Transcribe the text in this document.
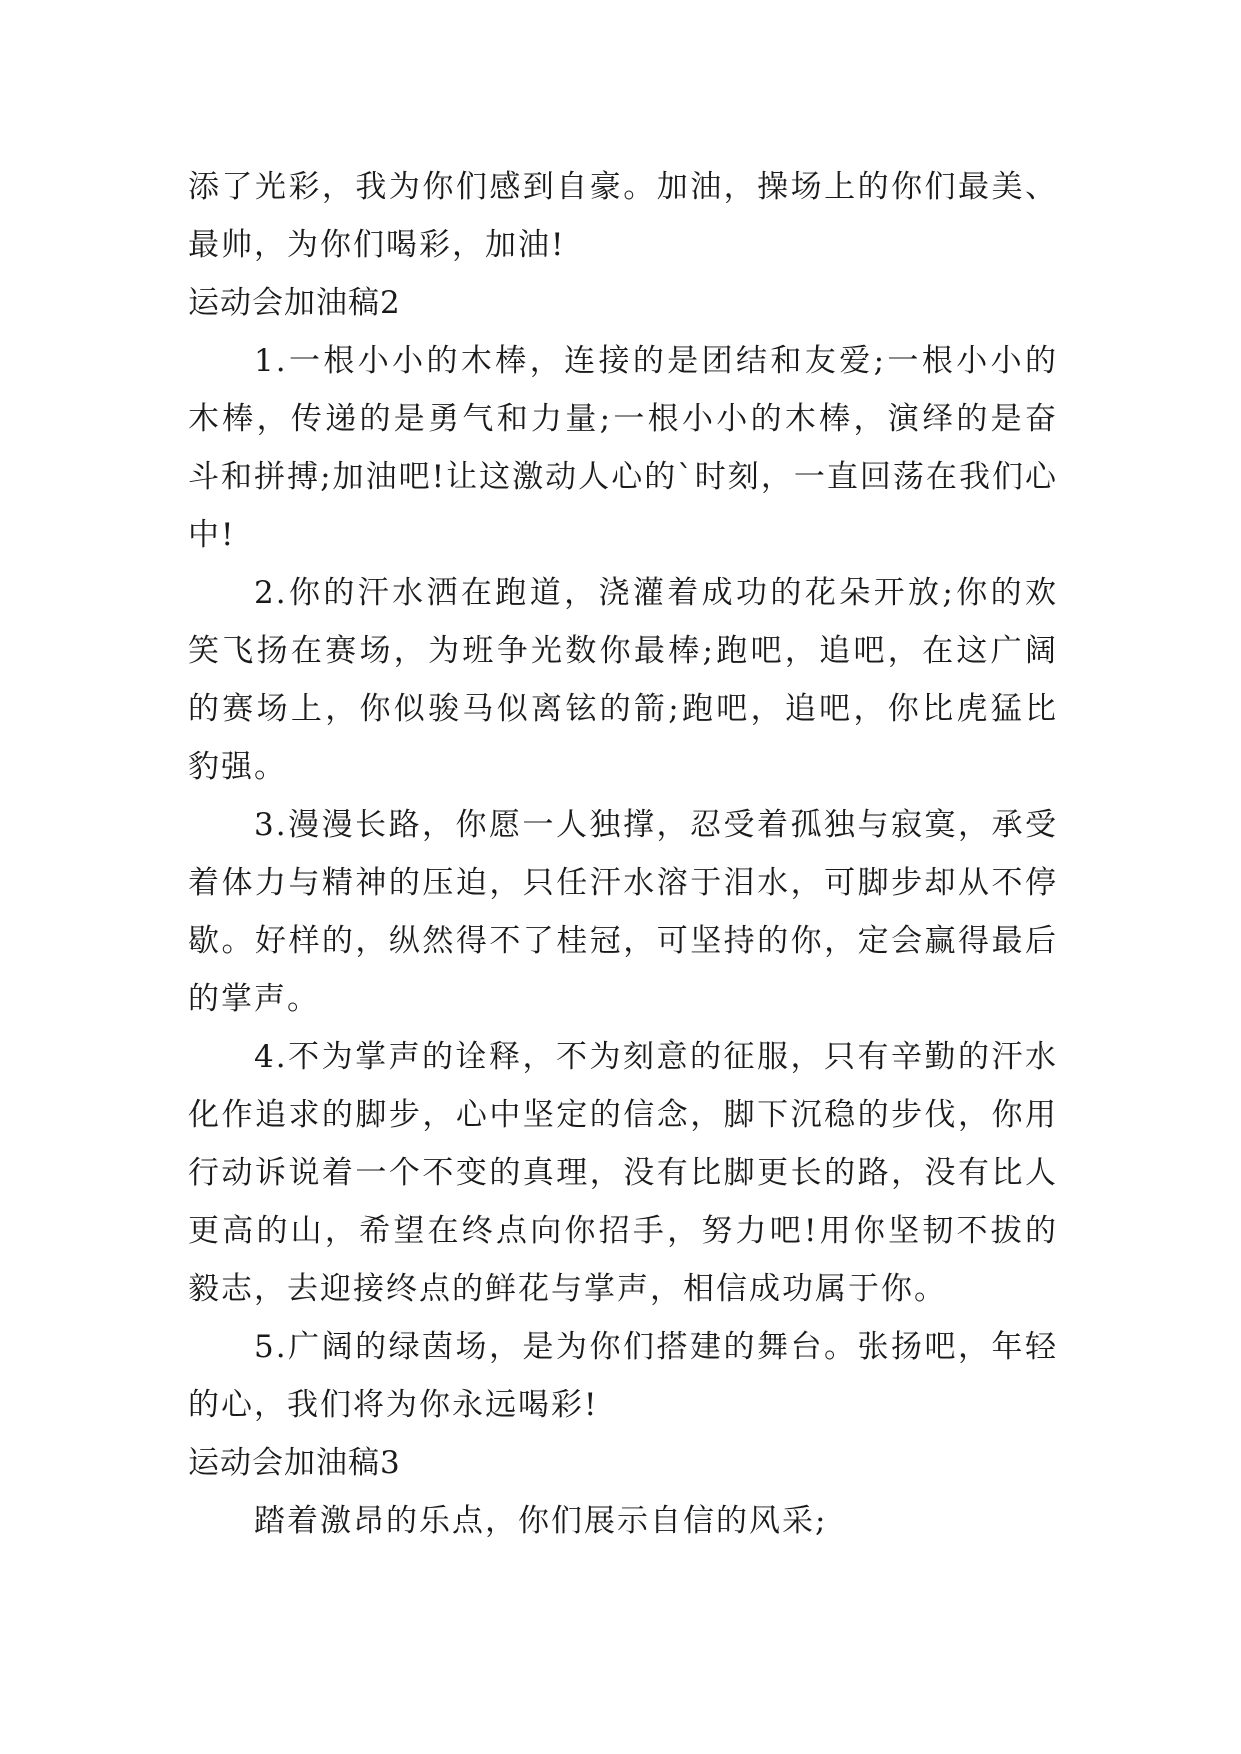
添了光彩，我为你们感到自豪。加油，操场上的你们最美、最帅，为你们喝彩，加油!

运动会加油稿2

1.一根小小的木棒，连接的是团结和友爱;一根小小的木棒，传递的是勇气和力量;一根小小的木棒，演绎的是奋斗和拼搏;加油吧!让这激动人心的`时刻，一直回荡在我们心中!

2.你的汗水洒在跑道，浇灌着成功的花朵开放;你的欢笑飞扬在赛场，为班争光数你最棒;跑吧，追吧，在这广阔的赛场上，你似骏马似离铉的箭;跑吧，追吧，你比虎猛比豹强。

3.漫漫长路，你愿一人独撑，忍受着孤独与寂寞，承受着体力与精神的压迫，只任汗水溶于泪水，可脚步却从不停歇。好样的，纵然得不了桂冠，可坚持的你，定会赢得最后的掌声。

4.不为掌声的诠释，不为刻意的征服，只有辛勤的汗水化作追求的脚步，心中坚定的信念，脚下沉稳的步伐，你用行动诉说着一个不变的真理，没有比脚更长的路，没有比人更高的山，希望在终点向你招手，努力吧!用你坚韧不拔的毅志，去迎接终点的鲜花与掌声，相信成功属于你。

5.广阔的绿茵场，是为你们搭建的舞台。张扬吧，年轻的心，我们将为你永远喝彩!

运动会加油稿3

踏着激昂的乐点，你们展示自信的风采;
